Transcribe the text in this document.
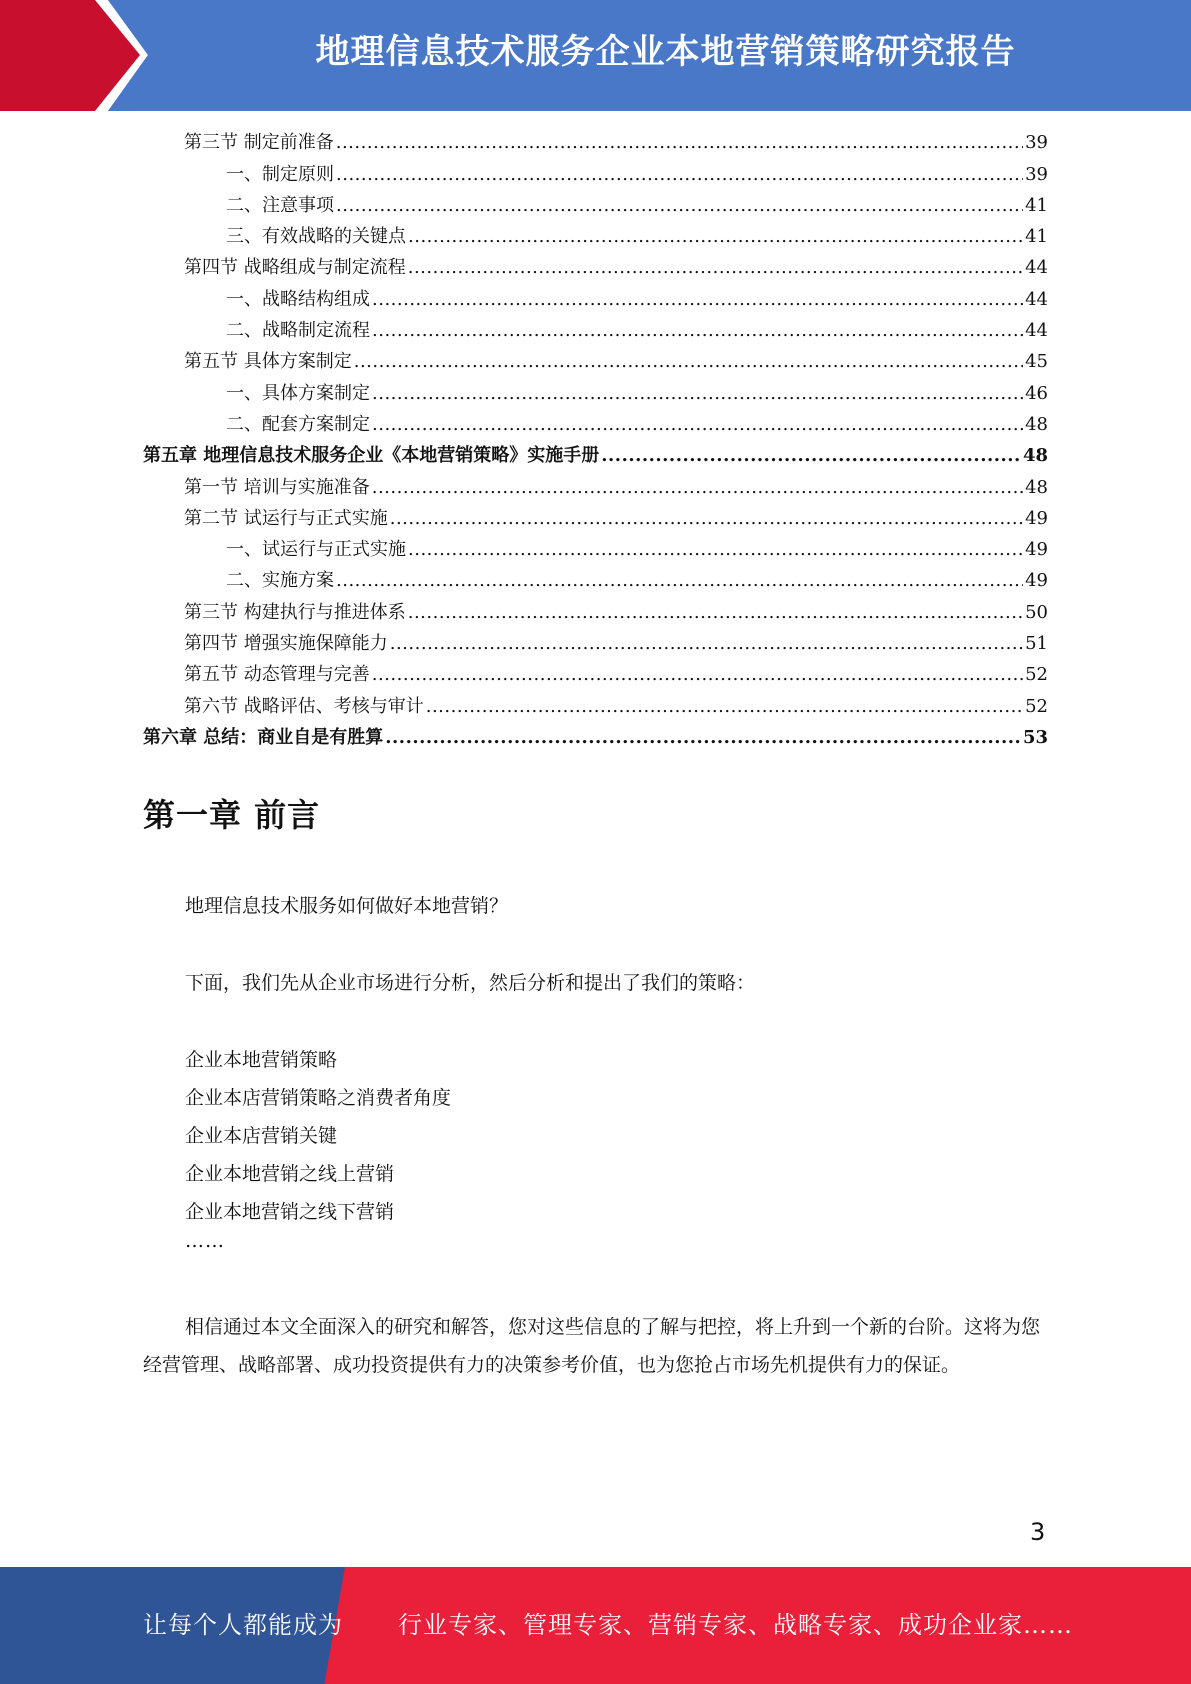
地理信息技术服务企业本地营销策略研究报告
第三节 制定前准备 .....	39
一、制定原则 .....	39
二、注意事项 .....	41
三、有效战略的关键点 .....	41
第四节 战略组成与制定流程 .....	44
一、战略结构组成 .....	44
二、战略制定流程 .....	44
第五节 具体方案制定 .....	45
一、具体方案制定 .....	46
二、配套方案制定 .....	48
第五章 地理信息技术服务企业《本地营销策略》实施手册 .....	48
第一节 培训与实施准备 .....	48
第二节 试运行与正式实施 .....	49
一、试运行与正式实施 .....	49
二、实施方案 .....	49
第三节 构建执行与推进体系 .....	50
第四节 增强实施保障能力 .....	51
第五节 动态管理与完善 .....	52
第六节 战略评估、考核与审计 .....	52
第六章 总结：商业自是有胜算 .....	53
第一章 前言
地理信息技术服务如何做好本地营销？
下面，我们先从企业市场进行分析，然后分析和提出了我们的策略：
企业本地营销策略
企业本店营销策略之消费者角度
企业本店营销关键
企业本地营销之线上营销
企业本地营销之线下营销
……
相信通过本文全面深入的研究和解答，您对这些信息的了解与把控，将上升到一个新的台阶。这将为您经营管理、战略部署、成功投资提供有力的决策参考价值，也为您抢占市场先机提供有力的保证。
3
让每个人都能成为 行业专家、管理专家、营销专家、战略专家、成功企业家……
